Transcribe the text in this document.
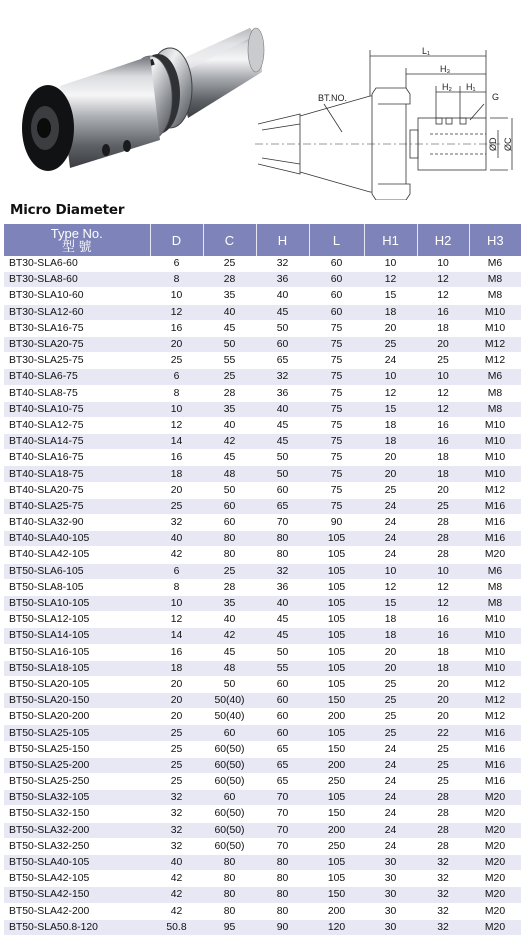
BT.NO.
L₁
H₃
H₂ H₁
G
ØD ØC
Micro Diameter
Type No.
型 號	D	C	H	L	H1	H2	H3
BT30-SLA6-60	6	25	32	60	10	10	M6
BT30-SLA8-60	8	28	36	60	12	12	M8
BT30-SLA10-60	10	35	40	60	15	12	M8
BT30-SLA12-60	12	40	45	60	18	16	M10
BT30-SLA16-75	16	45	50	75	20	18	M10
BT30-SLA20-75	20	50	60	75	25	20	M12
BT30-SLA25-75	25	55	65	75	24	25	M12
BT40-SLA6-75	6	25	32	75	10	10	M6
BT40-SLA8-75	8	28	36	75	12	12	M8
BT40-SLA10-75	10	35	40	75	15	12	M8
BT40-SLA12-75	12	40	45	75	18	16	M10
BT40-SLA14-75	14	42	45	75	18	16	M10
BT40-SLA16-75	16	45	50	75	20	18	M10
BT40-SLA18-75	18	48	50	75	20	18	M10
BT40-SLA20-75	20	50	60	75	25	20	M12
BT40-SLA25-75	25	60	65	75	24	25	M16
BT40-SLA32-90	32	60	70	90	24	28	M16
BT40-SLA40-105	40	80	80	105	24	28	M16
BT40-SLA42-105	42	80	80	105	24	28	M20
BT50-SLA6-105	6	25	32	105	10	10	M6
BT50-SLA8-105	8	28	36	105	12	12	M8
BT50-SLA10-105	10	35	40	105	15	12	M8
BT50-SLA12-105	12	40	45	105	18	16	M10
BT50-SLA14-105	14	42	45	105	18	16	M10
BT50-SLA16-105	16	45	50	105	20	18	M10
BT50-SLA18-105	18	48	55	105	20	18	M10
BT50-SLA20-105	20	50	60	105	25	20	M12
BT50-SLA20-150	20	50(40)	60	150	25	20	M12
BT50-SLA20-200	20	50(40)	60	200	25	20	M12
BT50-SLA25-105	25	60	60	105	25	22	M16
BT50-SLA25-150	25	60(50)	65	150	24	25	M16
BT50-SLA25-200	25	60(50)	65	200	24	25	M16
BT50-SLA25-250	25	60(50)	65	250	24	25	M16
BT50-SLA32-105	32	60	70	105	24	28	M20
BT50-SLA32-150	32	60(50)	70	150	24	28	M20
BT50-SLA32-200	32	60(50)	70	200	24	28	M20
BT50-SLA32-250	32	60(50)	70	250	24	28	M20
BT50-SLA40-105	40	80	80	105	30	32	M20
BT50-SLA42-105	42	80	80	105	30	32	M20
BT50-SLA42-150	42	80	80	150	30	32	M20
BT50-SLA42-200	42	80	80	200	30	32	M20
BT50-SLA50.8-120	50.8	95	90	120	30	32	M20
